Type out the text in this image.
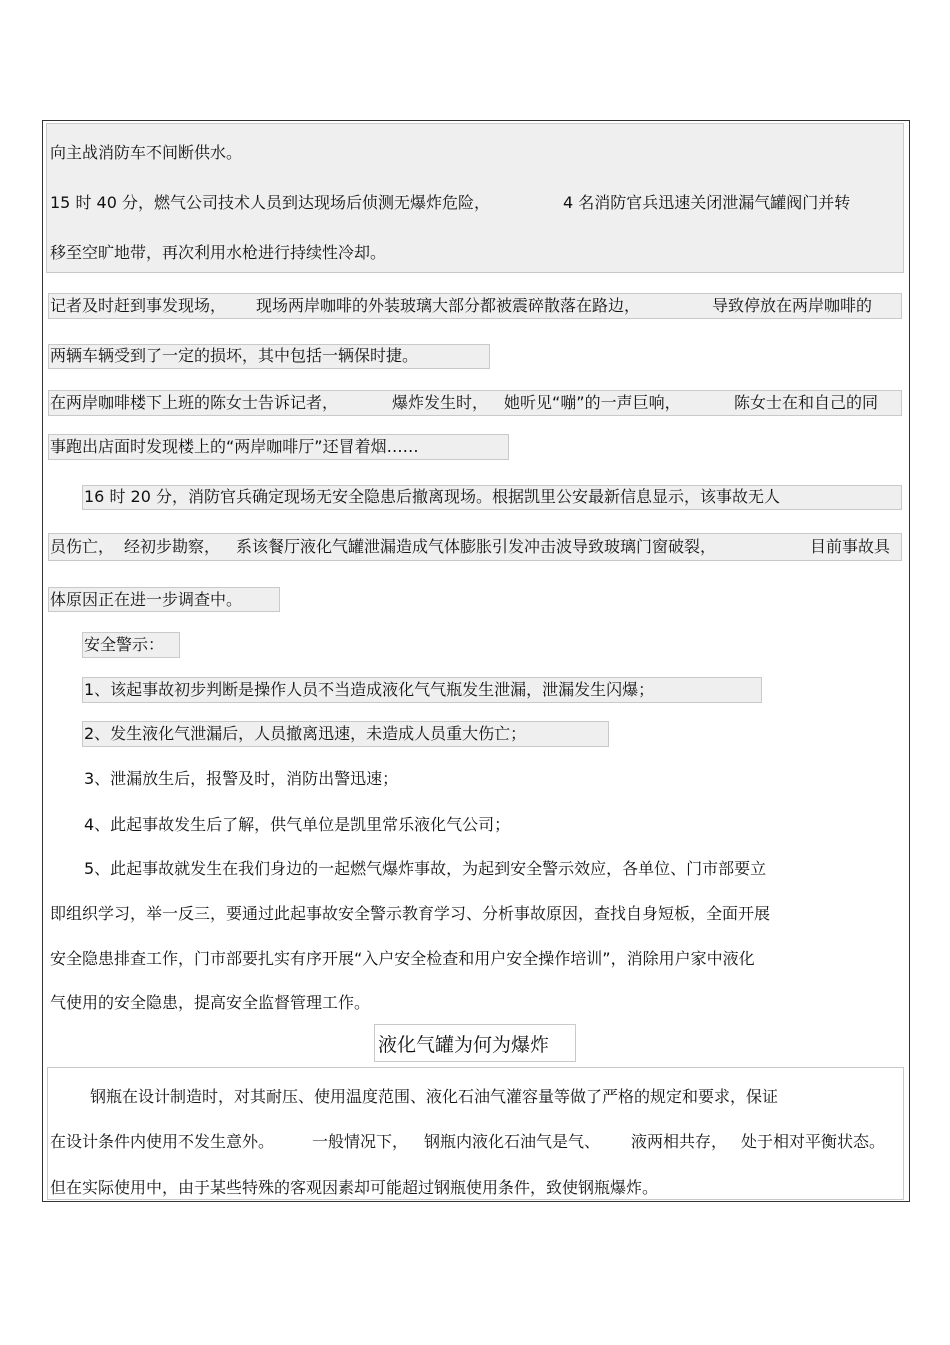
向主战消防车不间断供水。
15 时 40 分，燃气公司技术人员到达现场后侦测无爆炸危险，	4 名消防官兵迅速关闭泄漏气罐阀门并转
移至空旷地带，再次利用水枪进行持续性冷却。
记者及时赶到事发现场， 现场两岸咖啡的外装玻璃大部分都被震碎散落在路边，	导致停放在两岸咖啡的
两辆车辆受到了一定的损坏，其中包括一辆保时捷。
在两岸咖啡楼下上班的陈女士告诉记者，	爆炸发生时， 她听见“嘣”的一声巨响，	陈女士在和自己的同
事跑出店面时发现楼上的“两岸咖啡厅”还冒着烟……
16 时 20 分，消防官兵确定现场无安全隐患后撤离现场。根据凯里公安最新信息显示，该事故无人
员伤亡， 经初步勘察， 系该餐厅液化气罐泄漏造成气体膨胀引发冲击波导致玻璃门窗破裂，	目前事故具
体原因正在进一步调查中。
安全警示：
1、该起事故初步判断是操作人员不当造成液化气气瓶发生泄漏，泄漏发生闪爆；
2、发生液化气泄漏后，人员撤离迅速，未造成人员重大伤亡；
3、泄漏放生后，报警及时，消防出警迅速；
4、此起事故发生后了解，供气单位是凯里常乐液化气公司；
5、此起事故就发生在我们身边的一起燃气爆炸事故，为起到安全警示效应，各单位、门市部要立
即组织学习，举一反三，要通过此起事故安全警示教育学习、分析事故原因，查找自身短板，全面开展
安全隐患排查工作，门市部要扎实有序开展“入户安全检查和用户安全操作培训”，消除用户家中液化
气使用的安全隐患，提高安全监督管理工作。
液化气罐为何为爆炸
钢瓶在设计制造时，对其耐压、使用温度范围、液化石油气灌容量等做了严格的规定和要求，保证
在设计条件内使用不发生意外。 一般情况下， 钢瓶内液化石油气是气、 液两相共存， 处于相对平衡状态。
但在实际使用中，由于某些特殊的客观因素却可能超过钢瓶使用条件，致使钢瓶爆炸。
